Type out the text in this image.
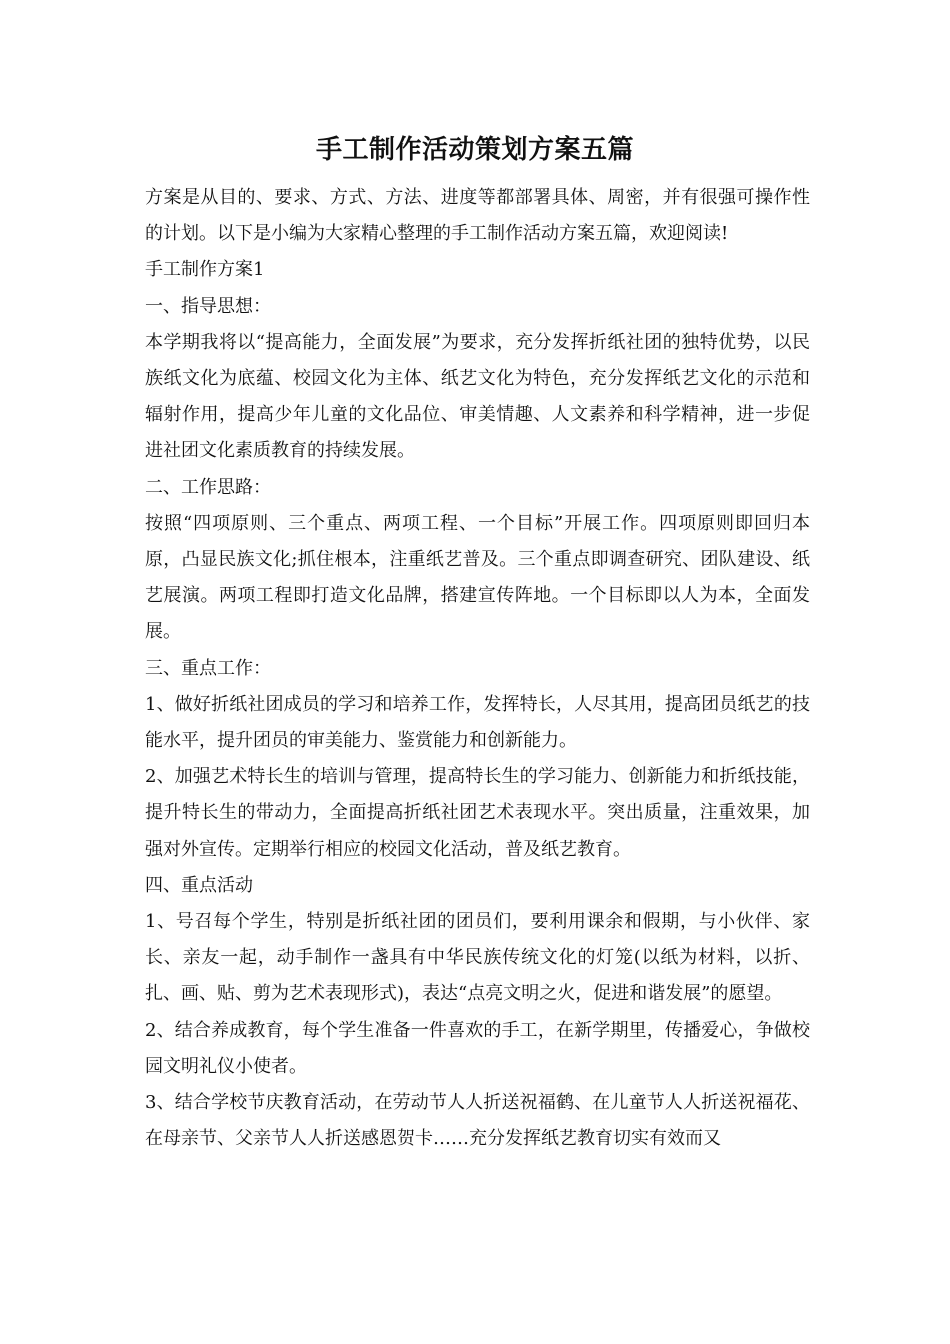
手工制作活动策划方案五篇

方案是从目的、要求、方式、方法、进度等都部署具体、周密，并有很强可操作性的计划。以下是小编为大家精心整理的手工制作活动方案五篇，欢迎阅读!

手工制作方案1

一、指导思想：

本学期我将以“提高能力，全面发展”为要求，充分发挥折纸社团的独特优势，以民族纸文化为底蕴、校园文化为主体、纸艺文化为特色，充分发挥纸艺文化的示范和辐射作用，提高少年儿童的文化品位、审美情趣、人文素养和科学精神，进一步促进社团文化素质教育的持续发展。

二、工作思路：

按照“四项原则、三个重点、两项工程、一个目标”开展工作。四项原则即回归本原，凸显民族文化;抓住根本，注重纸艺普及。三个重点即调查研究、团队建设、纸艺展演。两项工程即打造文化品牌，搭建宣传阵地。一个目标即以人为本，全面发展。

三、重点工作：

1、做好折纸社团成员的学习和培养工作，发挥特长，人尽其用，提高团员纸艺的技能水平，提升团员的审美能力、鉴赏能力和创新能力。

2、加强艺术特长生的培训与管理，提高特长生的学习能力、创新能力和折纸技能，提升特长生的带动力，全面提高折纸社团艺术表现水平。突出质量，注重效果，加强对外宣传。定期举行相应的校园文化活动，普及纸艺教育。

四、重点活动

1、号召每个学生，特别是折纸社团的团员们，要利用课余和假期，与小伙伴、家长、亲友一起，动手制作一盏具有中华民族传统文化的灯笼(以纸为材料，以折、扎、画、贴、剪为艺术表现形式)，表达“点亮文明之火，促进和谐发展”的愿望。

2、结合养成教育，每个学生准备一件喜欢的手工，在新学期里，传播爱心，争做校园文明礼仪小使者。

3、结合学校节庆教育活动，在劳动节人人折送祝福鹤、在儿童节人人折送祝福花、在母亲节、父亲节人人折送感恩贺卡……充分发挥纸艺教育切实有效而又
